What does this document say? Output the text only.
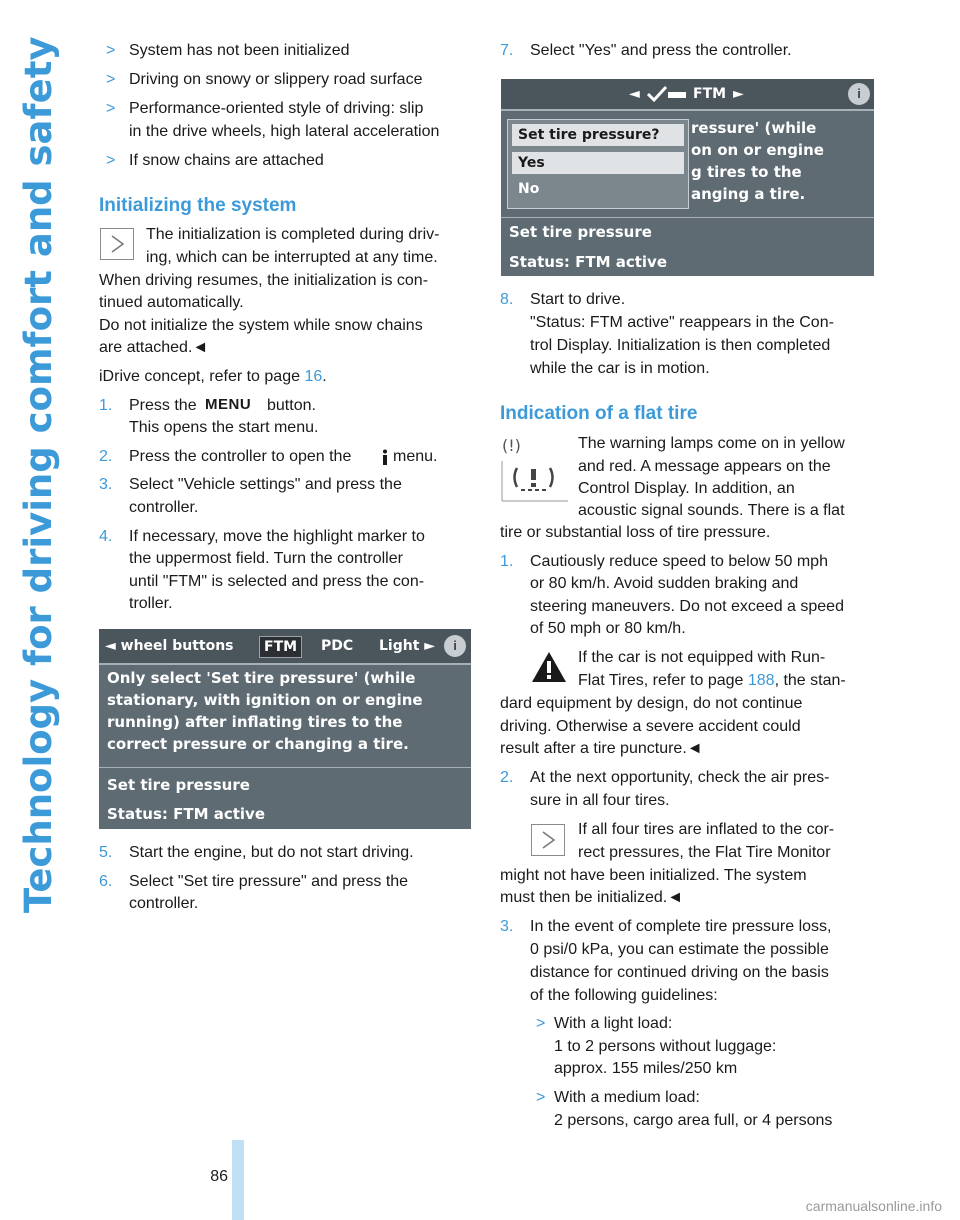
Technology for driving comfort and safety
86
> System has not been initialized
> Driving on snowy or slippery road surface
> Performance-oriented style of driving: slip
in the drive wheels, high lateral acceleration
> If snow chains are attached
Initializing the system
The initialization is completed during driv-
ing, which can be interrupted at any time.
When driving resumes, the initialization is con-
tinued automatically.
Do not initialize the system while snow chains
are attached.◄
iDrive concept, refer to page 16.
1. Press the MENU button.
This opens the start menu.
2. Press the controller to open the	menu.
3. Select "Vehicle settings" and press the
controller.
4. If necessary, move the highlight marker to
the uppermost field. Turn the controller
until "FTM" is selected and press the con-
troller.
◄ wheel buttons	FTM	PDC Light ►	i
Only select 'Set tire pressure' (while
stationary, with ignition on or engine
running) after inflating tires to the
correct pressure or changing a tire.
Set tire pressure
Status: FTM active
5. Start the engine, but do not start driving.
6. Select "Set tire pressure" and press the
controller.
7. Select "Yes" and press the controller.
◄	FTM ►	i
ressure' (while
on on or engine
g tires to the
anging a tire.
Set tire pressure?
Yes
No
Set tire pressure
Status: FTM active
8. Start to drive.
"Status: FTM active" reappears in the Con-
trol Display. Initialization is then completed
while the car is in motion.
Indication of a flat tire
(!)	The warning lamps come on in yellow
and red. A message appears on the
Control Display. In addition, an
acoustic signal sounds. There is a flat
tire or substantial loss of tire pressure.
1. Cautiously reduce speed to below 50 mph
or 80 km/h. Avoid sudden braking and
steering maneuvers. Do not exceed a speed
of 50 mph or 80 km/h.
If the car is not equipped with Run-
Flat Tires, refer to page 188, the stan-
dard equipment by design, do not continue
driving. Otherwise a severe accident could
result after a tire puncture.◄
2. At the next opportunity, check the air pres-
sure in all four tires.
If all four tires are inflated to the cor-
rect pressures, the Flat Tire Monitor
might not have been initialized. The system
must then be initialized.◄
3. In the event of complete tire pressure loss,
0 psi/0 kPa, you can estimate the possible
distance for continued driving on the basis
of the following guidelines:
> With a light load:
1 to 2 persons without luggage:
approx. 155 miles/250 km
> With a medium load:
2 persons, cargo area full, or 4 persons
carmanualsonline.info
